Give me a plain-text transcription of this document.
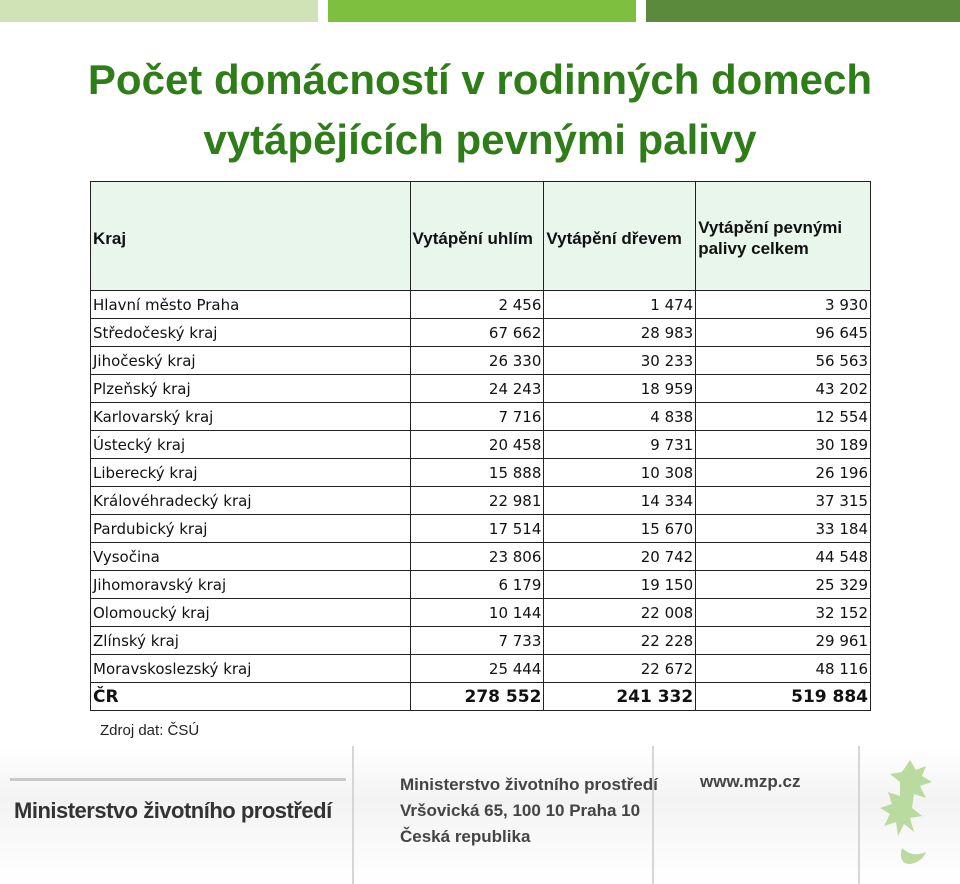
Počet domácností v rodinných domech
vytápějících pevnými palivy
Kraj	Vytápění uhlím	Vytápění dřevem	Vytápění pevnými palivy celkem
Hlavní město Praha	2 456	1 474	3 930
Středočeský kraj	67 662	28 983	96 645
Jihočeský kraj	26 330	30 233	56 563
Plzeňský kraj	24 243	18 959	43 202
Karlovarský kraj	7 716	4 838	12 554
Ústecký kraj	20 458	9 731	30 189
Liberecký kraj	15 888	10 308	26 196
Královéhradecký kraj	22 981	14 334	37 315
Pardubický kraj	17 514	15 670	33 184
Vysočina	23 806	20 742	44 548
Jihomoravský kraj	6 179	19 150	25 329
Olomoucký kraj	10 144	22 008	32 152
Zlínský kraj	7 733	22 228	29 961
Moravskoslezský kraj	25 444	22 672	48 116
ČR	278 552	241 332	519 884
Zdroj dat: ČSÚ
Ministerstvo životního prostředí
Ministerstvo životního prostředí
Vršovická 65, 100 10 Praha 10
Česká republika
www.mzp.cz
